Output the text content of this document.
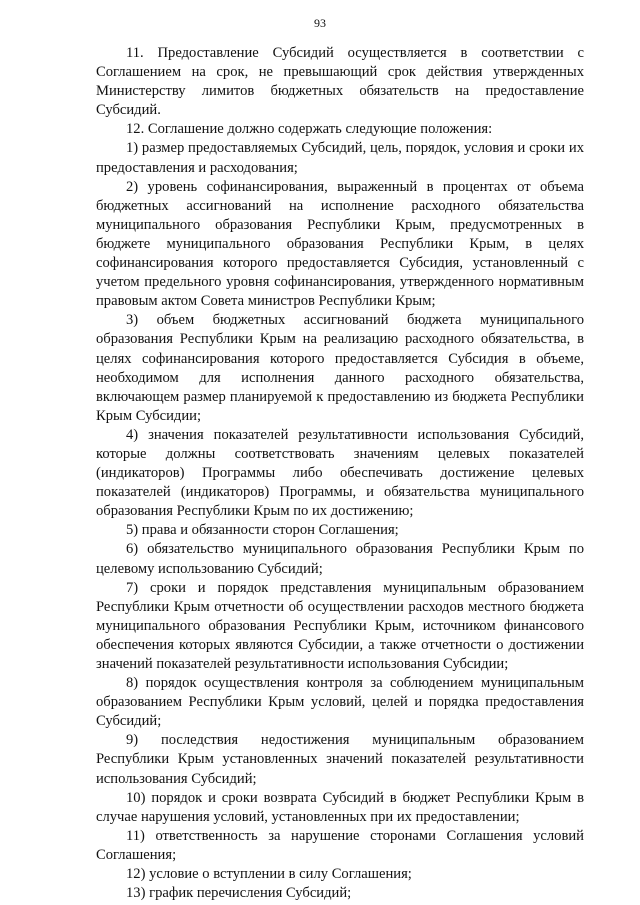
93

11. Предоставление Субсидий осуществляется в соответствии с Соглашением на срок, не превышающий срок действия утвержденных Министерству лимитов бюджетных обязательств на предоставление Субсидий.

12. Соглашение должно содержать следующие положения:

1) размер предоставляемых Субсидий, цель, порядок, условия и сроки их предоставления и расходования;

2) уровень софинансирования, выраженный в процентах от объема бюджетных ассигнований на исполнение расходного обязательства муниципального образования Республики Крым, предусмотренных в бюджете муниципального образования Республики Крым, в целях софинансирования которого предоставляется Субсидия, установленный с учетом предельного уровня софинансирования, утвержденного нормативным правовым актом Совета министров Республики Крым;

3) объем бюджетных ассигнований бюджета муниципального образования Республики Крым на реализацию расходного обязательства, в целях софинансирования которого предоставляется Субсидия в объеме, необходимом для исполнения данного расходного обязательства, включающем размер планируемой к предоставлению из бюджета Республики Крым Субсидии;

4) значения показателей результативности использования Субсидий, которые должны соответствовать значениям целевых показателей (индикаторов) Программы либо обеспечивать достижение целевых показателей (индикаторов) Программы, и обязательства муниципального образования Республики Крым по их достижению;

5) права и обязанности сторон Соглашения;

6) обязательство муниципального образования Республики Крым по целевому использованию Субсидий;

7) сроки и порядок представления муниципальным образованием Республики Крым отчетности об осуществлении расходов местного бюджета муниципального образования Республики Крым, источником финансового обеспечения которых являются Субсидии, а также отчетности о достижении значений показателей результативности использования Субсидии;

8) порядок осуществления контроля за соблюдением муниципальным образованием Республики Крым условий, целей и порядка предоставления Субсидий;

9) последствия недостижения муниципальным образованием Республики Крым установленных значений показателей результативности использования Субсидий;

10) порядок и сроки возврата Субсидий в бюджет Республики Крым в случае нарушения условий, установленных при их предоставлении;

11) ответственность за нарушение сторонами Соглашения условий Соглашения;

12) условие о вступлении в силу Соглашения;

13) график перечисления Субсидий;
